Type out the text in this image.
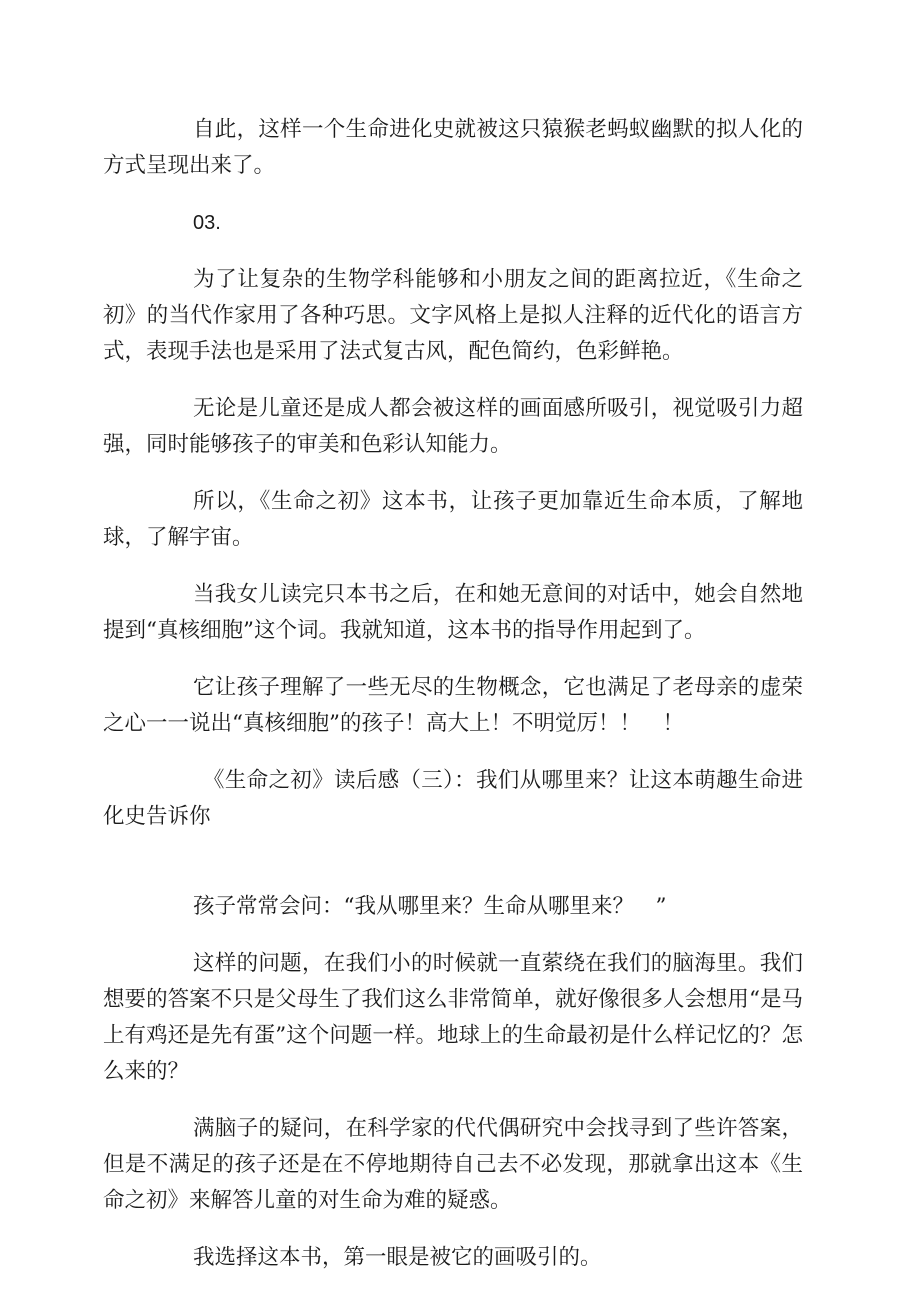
自此，这样一个生命进化史就被这只猿猴老蚂蚁幽默的拟人化的方式呈现出来了。

03.

为了让复杂的生物学科能够和小朋友之间的距离拉近，《生命之初》的当代作家用了各种巧思。文字风格上是拟人注释的近代化的语言方式，表现手法也是采用了法式复古风，配色简约，色彩鲜艳。

无论是儿童还是成人都会被这样的画面感所吸引，视觉吸引力超强，同时能够孩子的审美和色彩认知能力。

所以，《生命之初》这本书，让孩子更加靠近生命本质，了解地球，了解宇宙。

当我女儿读完只本书之后，在和她无意间的对话中，她会自然地提到“真核细胞”这个词。我就知道，这本书的指导作用起到了。

它让孩子理解了一些无尽的生物概念，它也满足了老母亲的虚荣之心一一说出“真核细胞”的孩子！高大上！不明觉厉！！　！

《生命之初》读后感（三）：我们从哪里来？让这本萌趣生命进化史告诉你

孩子常常会问：“我从哪里来？生命从哪里来？　”

这样的问题，在我们小的时候就一直萦绕在我们的脑海里。我们想要的答案不只是父母生了我们这么非常简单，就好像很多人会想用“是马上有鸡还是先有蛋”这个问题一样。地球上的生命最初是什么样记忆的？怎么来的？

满脑子的疑问，在科学家的代代偶研究中会找寻到了些许答案，但是不满足的孩子还是在不停地期待自己去不必发现，那就拿出这本《生命之初》来解答儿童的对生命为难的疑惑。

我选择这本书，第一眼是被它的画吸引的。
